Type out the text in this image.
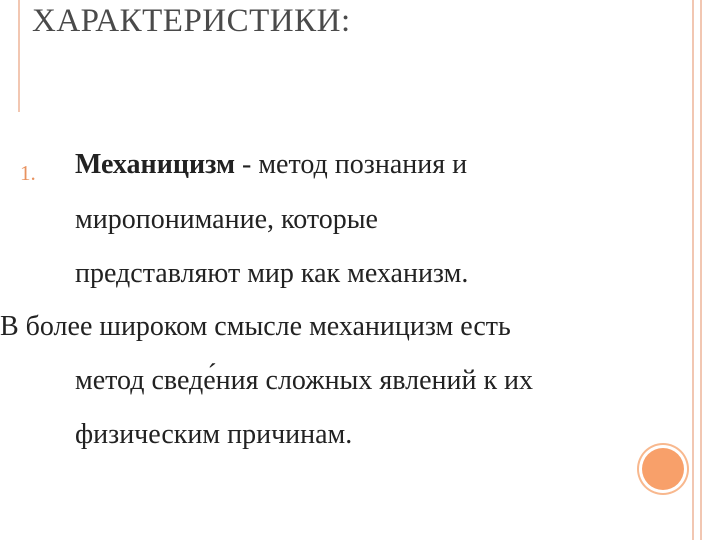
ХАРАКТЕРИСТИКИ:
1. Механицизм - метод познания и
миропонимание, которые
представляют мир как механизм.
В более широком смысле механицизм есть
метод сведе́ния сложных явлений к их
физическим причинам.
